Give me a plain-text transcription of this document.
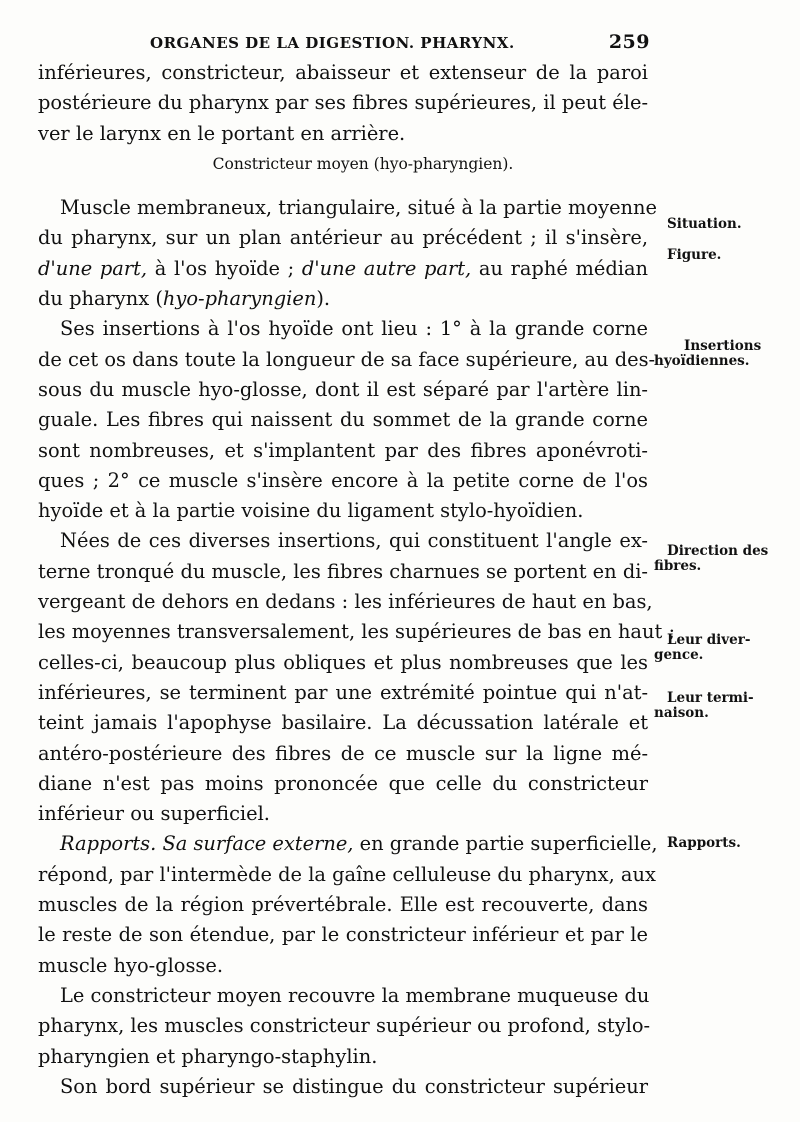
ORGANES DE LA DIGESTION. PHARYNX.	259
inférieures, constricteur, abaisseur et extenseur de la paroi
postérieure du pharynx par ses fibres supérieures, il peut éle-
ver le larynx en le portant en arrière.
Constricteur moyen (hyo-pharyngien).
Muscle membraneux, triangulaire, situé à la partie moyenne
du pharynx, sur un plan antérieur au précédent ; il s'insère,
d'une part, à l'os hyoïde ; d'une autre part, au raphé médian
du pharynx (hyo-pharyngien).
Ses insertions à l'os hyoïde ont lieu : 1° à la grande corne
de cet os dans toute la longueur de sa face supérieure, au des-
sous du muscle hyo-glosse, dont il est séparé par l'artère lin-
guale. Les fibres qui naissent du sommet de la grande corne
sont nombreuses, et s'implantent par des fibres aponévroti-
ques ; 2° ce muscle s'insère encore à la petite corne de l'os
hyoïde et à la partie voisine du ligament stylo-hyoïdien.
Nées de ces diverses insertions, qui constituent l'angle ex-
terne tronqué du muscle, les fibres charnues se portent en di-
vergeant de dehors en dedans : les inférieures de haut en bas,
les moyennes transversalement, les supérieures de bas en haut ;
celles-ci, beaucoup plus obliques et plus nombreuses que les
inférieures, se terminent par une extrémité pointue qui n'at-
teint jamais l'apophyse basilaire. La décussation latérale et
antéro-postérieure des fibres de ce muscle sur la ligne mé-
diane n'est pas moins prononcée que celle du constricteur
inférieur ou superficiel.
Rapports. Sa surface externe, en grande partie superficielle,
répond, par l'intermède de la gaîne celluleuse du pharynx, aux
muscles de la région prévertébrale. Elle est recouverte, dans
le reste de son étendue, par le constricteur inférieur et par le
muscle hyo-glosse.
Le constricteur moyen recouvre la membrane muqueuse du
pharynx, les muscles constricteur supérieur ou profond, stylo-
pharyngien et pharyngo-staphylin.
Son bord supérieur se distingue du constricteur supérieur
Situation.
Figure.
Insertions
hyoïdiennes.
Direction des
fibres.
Leur diver-
gence.
Leur termi-
naison.
Rapports.
